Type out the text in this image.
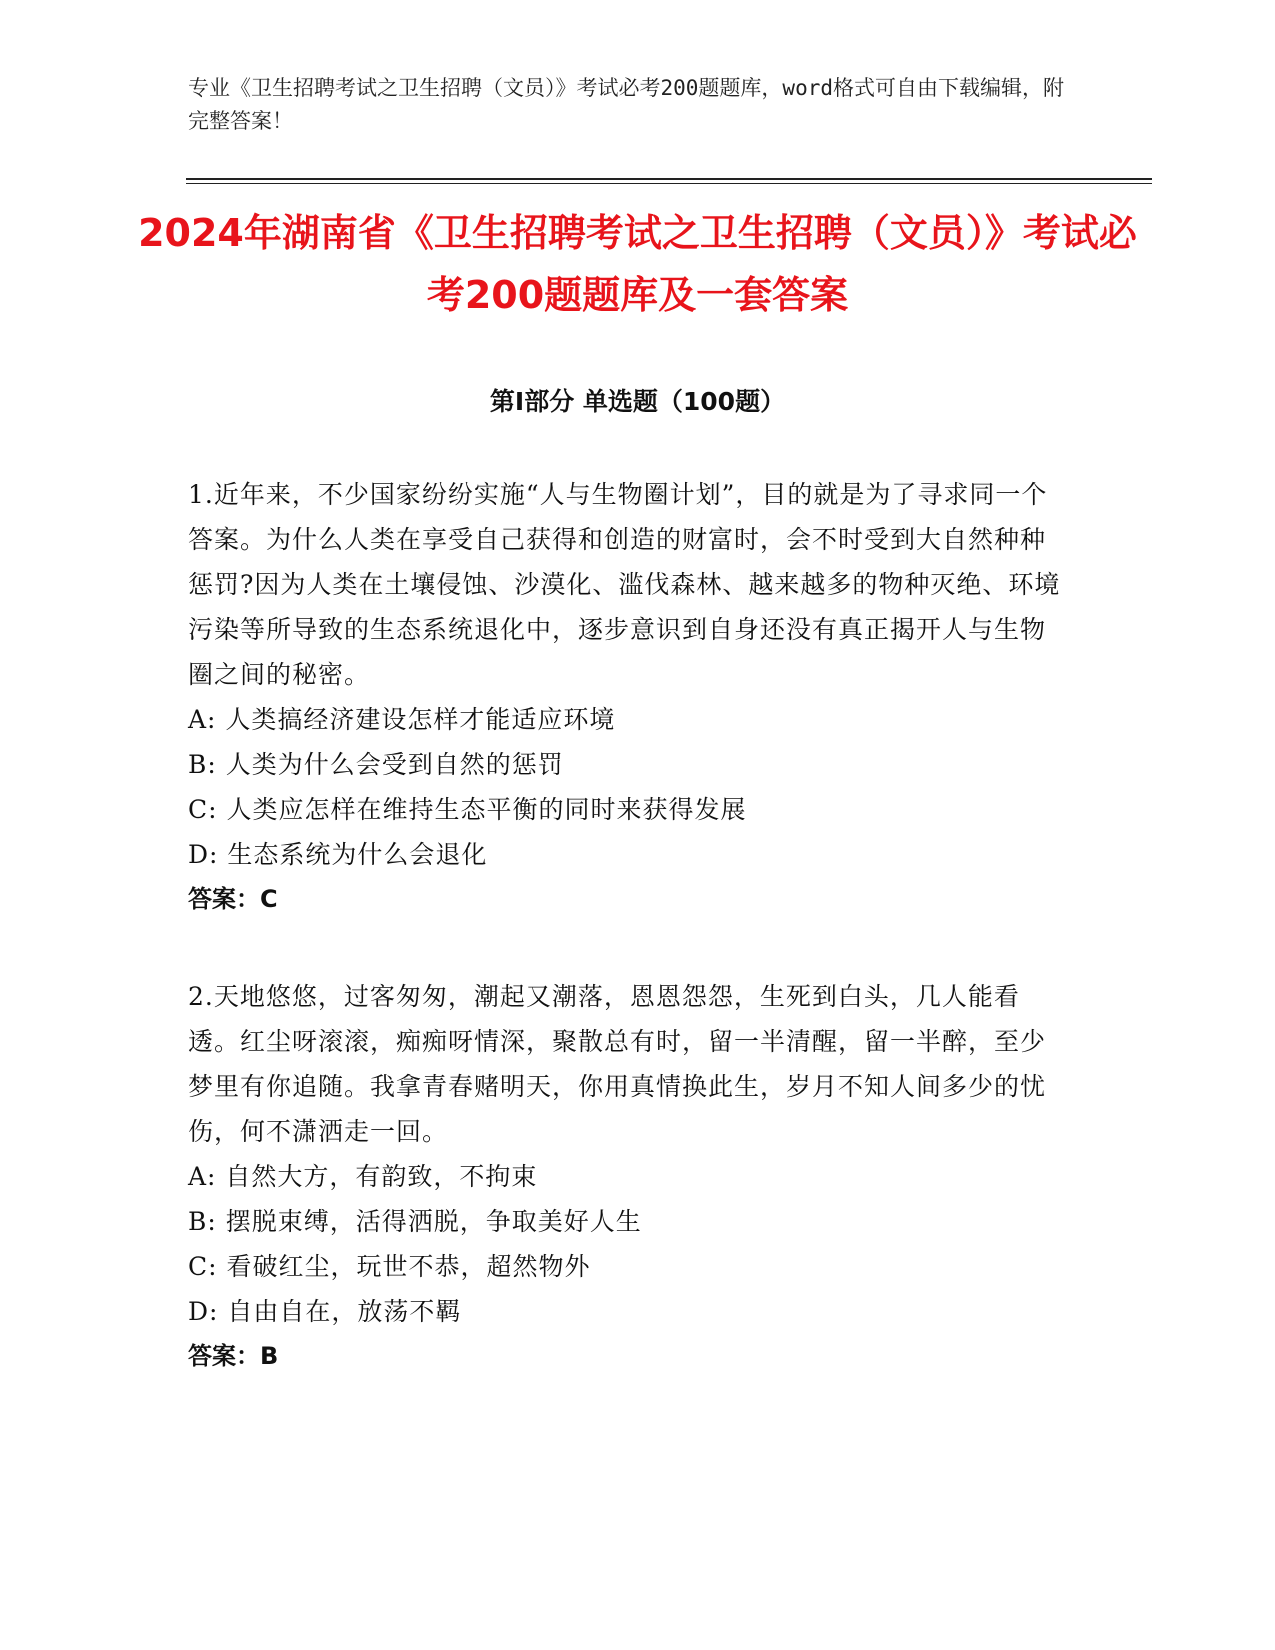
专业《卫生招聘考试之卫生招聘（文员）》考试必考200题题库，word格式可自由下载编辑，附完整答案！
2024年湖南省《卫生招聘考试之卫生招聘（文员）》考试必考200题题库及一套答案
第I部分 单选题（100题）
1.近年来，不少国家纷纷实施“人与生物圈计划”，目的就是为了寻求同一个答案。为什么人类在享受自己获得和创造的财富时，会不时受到大自然种种惩罚?因为人类在土壤侵蚀、沙漠化、滥伐森林、越来越多的物种灭绝、环境污染等所导致的生态系统退化中，逐步意识到自身还没有真正揭开人与生物圈之间的秘密。
A: 人类搞经济建设怎样才能适应环境
B: 人类为什么会受到自然的惩罚
C: 人类应怎样在维持生态平衡的同时来获得发展
D: 生态系统为什么会退化
答案：C
2.天地悠悠，过客匆匆，潮起又潮落，恩恩怨怨，生死到白头，几人能看透。红尘呀滚滚，痴痴呀情深，聚散总有时，留一半清醒，留一半醉，至少梦里有你追随。我拿青春赌明天，你用真情换此生，岁月不知人间多少的忧伤，何不潇洒走一回。
A: 自然大方，有韵致，不拘束
B: 摆脱束缚，活得洒脱，争取美好人生
C: 看破红尘，玩世不恭，超然物外
D: 自由自在，放荡不羁
答案：B
